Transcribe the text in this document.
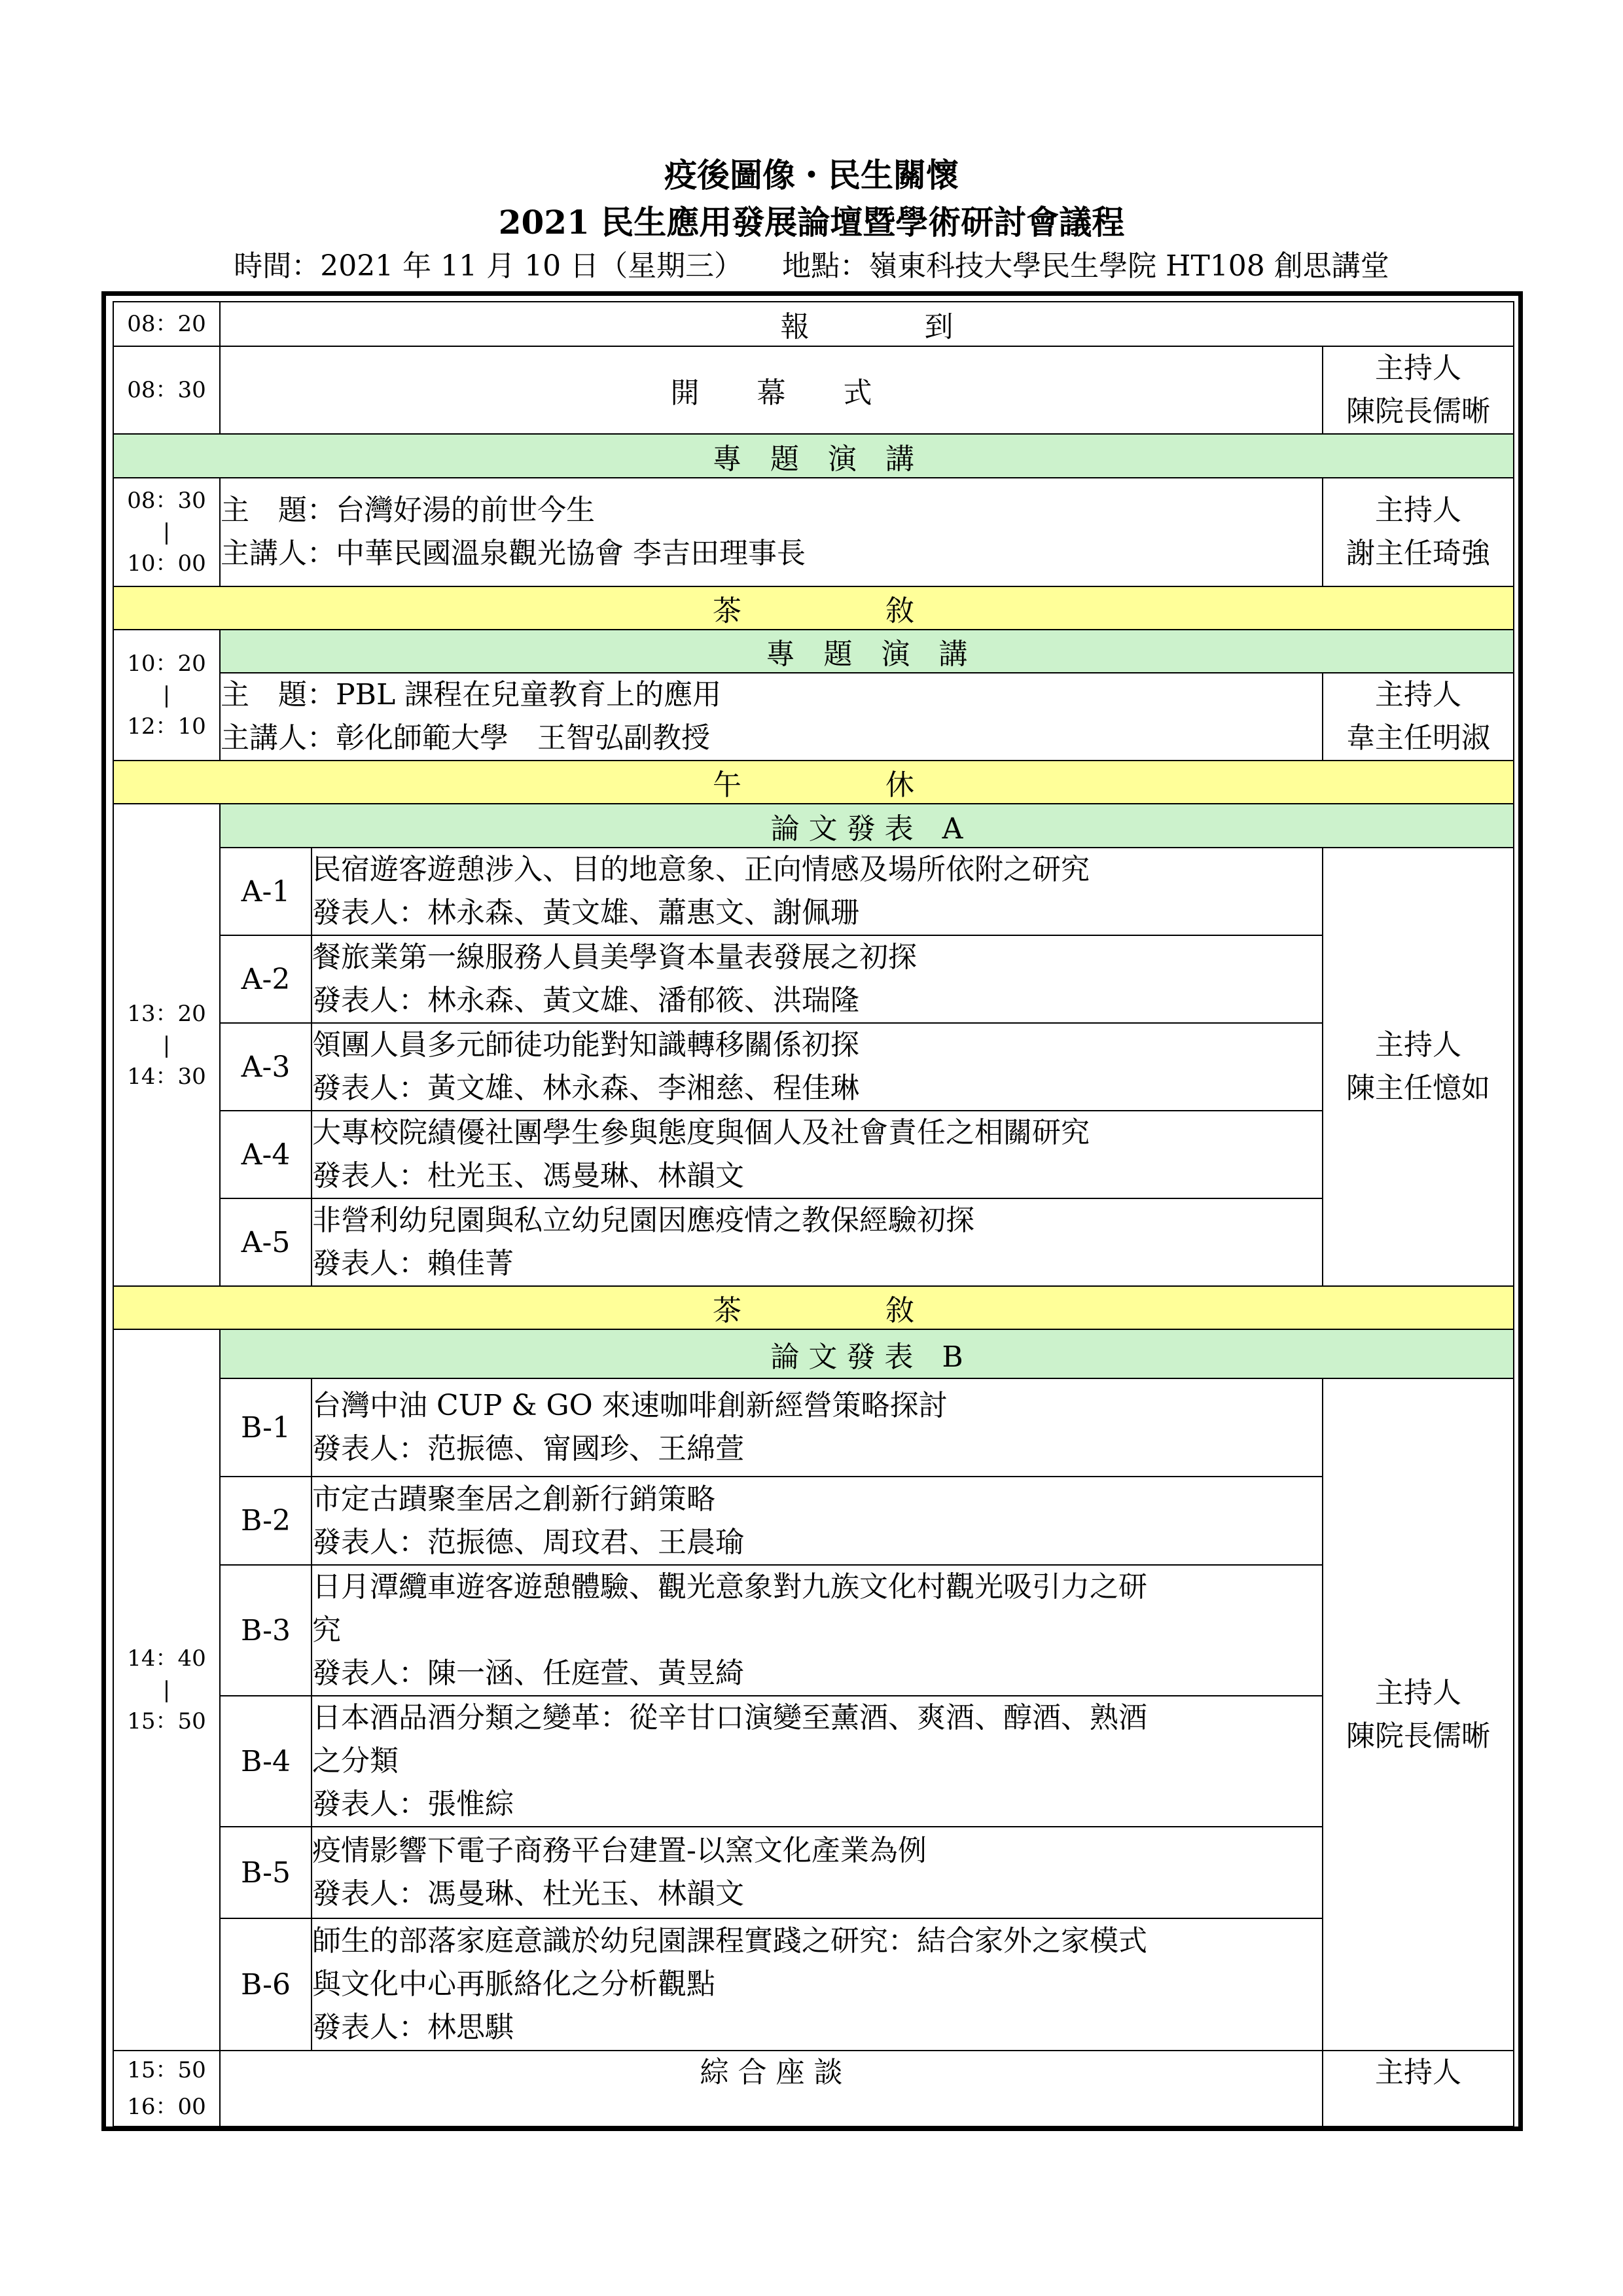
疫後圖像・民生關懷

2021 民生應用發展論壇暨學術研討會議程

時間：2021 年 11 月 10 日（星期三） 地點：嶺東科技大學民生學院 HT108 創思講堂
08：20	報　　　　到		
08：30	開　　幕　　式		主持人
陳院長儒晰

專　題　演　講			

08：30
|
10：00	主　題：台灣好湯的前世今生
主講人：中華民國溫泉觀光協會 李吉田理事長		主持人
謝主任琦強

茶　　　　　敘			

10：20
|
12：10	專　題　演　講		

	主　題：PBL 課程在兒童教育上的應用
主講人：彰化師範大學　王智弘副教授		主持人
韋主任明淑

午　　　　　休			

13：20
|
14：30	論 文 發 表　A		
	A-1	民宿遊客遊憩涉入、目的地意象、正向情感及場所依附之研究
發表人：林永森、黃文雄、蕭惠文、謝佩珊	主持人
陳主任憶如

	A-2	餐旅業第一線服務人員美學資本量表發展之初探
發表人：林永森、黃文雄、潘郁筱、洪瑞隆	

	A-3	領團人員多元師徒功能對知識轉移關係初探
發表人：黃文雄、林永森、李湘慈、程佳琳	

	A-4	大專校院績優社團學生參與態度與個人及社會責任之相關研究
發表人：杜光玉、馮曼琳、林韻文	

	A-5	非營利幼兒園與私立幼兒園因應疫情之教保經驗初探
發表人：賴佳菁	

茶　　　　　敘			

14：40
|
15：50	論 文 發 表　B		
	B-1	台灣中油 CUP & GO 來速咖啡創新經營策略探討
發表人：范振德、甯國珍、王綿萱	主持人
陳院長儒晰

	B-2	市定古蹟聚奎居之創新行銷策略
發表人：范振德、周玟君、王晨瑜	

	B-3	日月潭纜車遊客遊憩體驗、觀光意象對九族文化村觀光吸引力之研
究
發表人：陳一涵、任庭萱、黃昱綺	

	B-4	日本酒品酒分類之變革：從辛甘口演變至薰酒、爽酒、醇酒、熟酒
之分類
發表人：張惟綜	

	B-5	疫情影響下電子商務平台建置-以窯文化產業為例
發表人：馮曼琳、杜光玉、林韻文	

	B-6	師生的部落家庭意識於幼兒園課程實踐之研究：結合家外之家模式
與文化中心再脈絡化之分析觀點
發表人：林思騏	

15：50
16：00	綜 合 座 談		主持人
